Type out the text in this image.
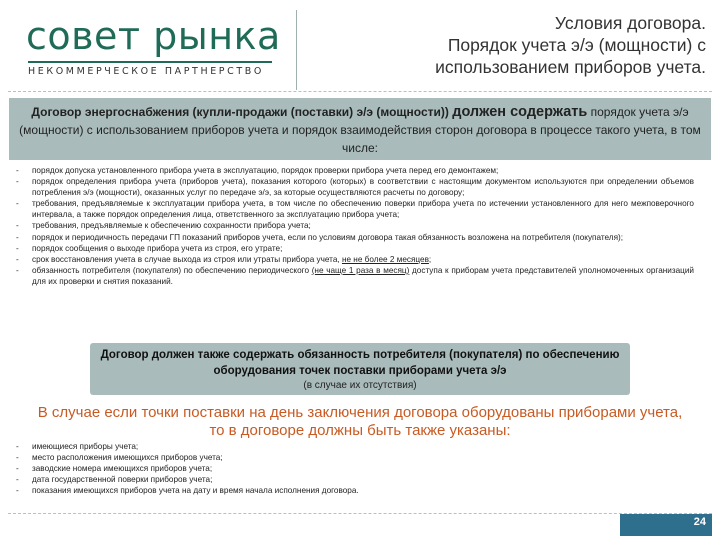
совет рынка
НЕКОММЕРЧЕСКОЕ ПАРТНЕРСТВО
Условия договора.
Порядок учета э/э (мощности) с
использованием приборов учета.
Договор энергоснабжения (купли-продажи (поставки) э/э (мощности)) должен содержать порядок учета э/э (мощности) с использованием приборов учета и порядок взаимодействия сторон договора в процессе такого учета, в том числе:
- порядок допуска установленного прибора учета в эксплуатацию, порядок проверки прибора учета перед его демонтажем;
- порядок определения прибора учета (приборов учета), показания которого (которых) в соответствии с настоящим документом используются при определении объемов потребления э/э (мощности), оказанных услуг по передаче э/э, за которые осуществляются расчеты по договору;
- требования, предъявляемые к эксплуатации прибора учета, в том числе по обеспечению поверки прибора учета по истечении установленного для него межповерочного интервала, а также порядок определения лица, ответственного за эксплуатацию прибора учета;
- требования, предъявляемые к обеспечению сохранности прибора учета;
- порядок и периодичность передачи ГП показаний приборов учета, если по условиям договора такая обязанность возложена на потребителя (покупателя);
- порядок сообщения о выходе прибора учета из строя, его утрате;
- срок восстановления учета в случае выхода из строя или утраты прибора учета, не не более 2 месяцев;
- обязанность потребителя (покупателя) по обеспечению периодического (не чаще 1 раза в месяц) доступа к приборам учета представителей уполномоченных организаций для их проверки и снятия показаний.
Договор должен также содержать обязанность потребителя (покупателя) по обеспечению оборудования точек поставки приборами учета э/э
(в случае их отсутствия)
В случае если точки поставки на день заключения договора оборудованы приборами учета, то в договоре должны быть также указаны:
- имеющиеся приборы учета;
- место расположения имеющихся приборов учета;
- заводские номера имеющихся приборов учета;
- дата государственной поверки приборов учета;
- показания имеющихся приборов учета на дату и время начала исполнения договора.
24
